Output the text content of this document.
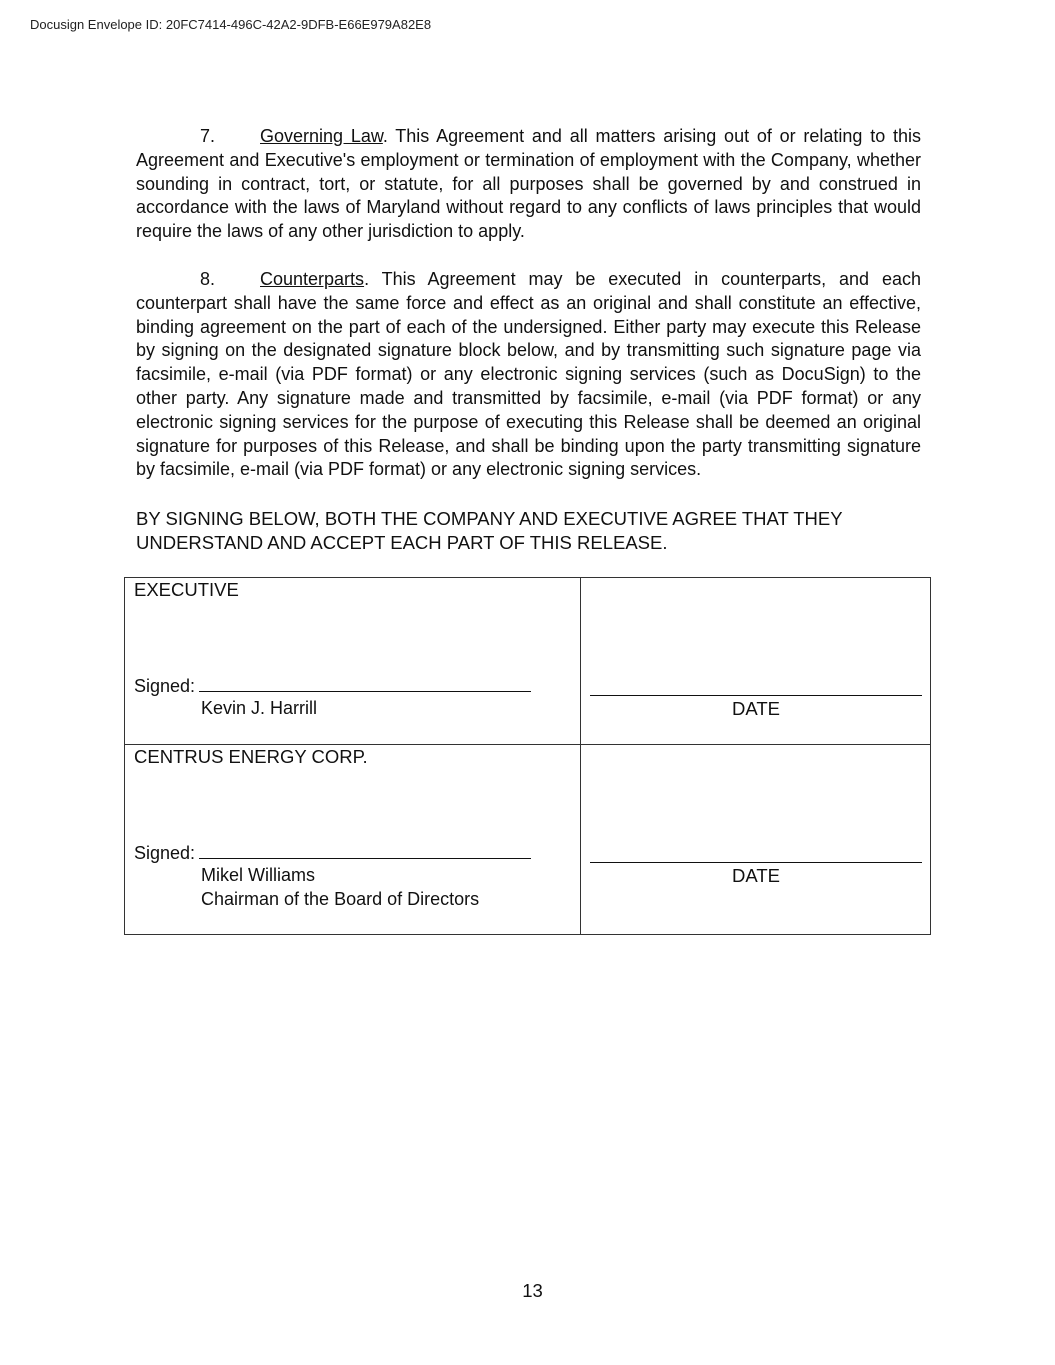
Docusign Envelope ID: 20FC7414-496C-42A2-9DFB-E66E979A82E8

7. Governing Law. This Agreement and all matters arising out of or relating to this Agreement and Executive's employment or termination of employment with the Company, whether sounding in contract, tort, or statute, for all purposes shall be governed by and construed in accordance with the laws of Maryland without regard to any conflicts of laws principles that would require the laws of any other jurisdiction to apply.

8. Counterparts. This Agreement may be executed in counterparts, and each counterpart shall have the same force and effect as an original and shall constitute an effective, binding agreement on the part of each of the undersigned. Either party may execute this Release by signing on the designated signature block below, and by transmitting such signature page via facsimile, e-mail (via PDF format) or any electronic signing services (such as DocuSign) to the other party. Any signature made and transmitted by facsimile, e-mail (via PDF format) or any electronic signing services for the purpose of executing this Release shall be deemed an original signature for purposes of this Release, and shall be binding upon the party transmitting signature by facsimile, e-mail (via PDF format) or any electronic signing services.

BY SIGNING BELOW, BOTH THE COMPANY AND EXECUTIVE AGREE THAT THEY UNDERSTAND AND ACCEPT EACH PART OF THIS RELEASE.

EXECUTIVE
Signed:
Kevin J. Harrill	DATE

CENTRUS ENERGY CORP.
Signed:
Mikel Williams
Chairman of the Board of Directors	DATE
13
